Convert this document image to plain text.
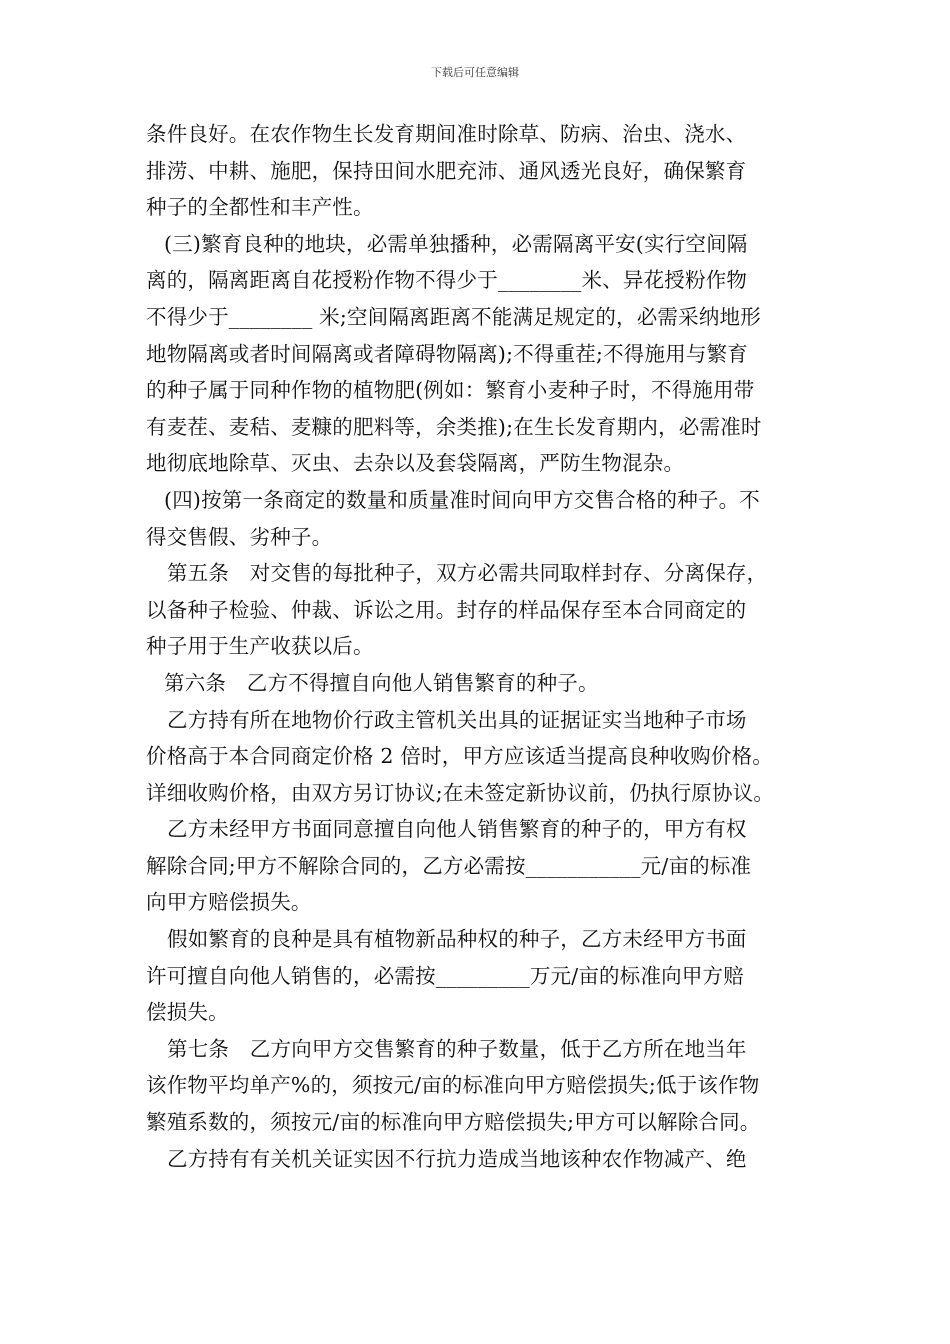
下载后可任意编辑
条件良好。在农作物生长发育期间准时除草、防病、治虫、浇水、
排涝、中耕、施肥，保持田间水肥充沛、通风透光良好，确保繁育
种子的全都性和丰产性。
(三)繁育良种的地块，必需单独播种，必需隔离平安(实行空间隔
离的，隔离距离自花授粉作物不得少于________米、异花授粉作物
不得少于________ 米;空间隔离距离不能满足规定的，必需采纳地形
地物隔离或者时间隔离或者障碍物隔离);不得重茬;不得施用与繁育
的种子属于同种作物的植物肥(例如：繁育小麦种子时，不得施用带
有麦茬、麦秸、麦糠的肥料等，余类推);在生长发育期内，必需准时
地彻底地除草、灭虫、去杂以及套袋隔离，严防生物混杂。
(四)按第一条商定的数量和质量准时间向甲方交售合格的种子。不
得交售假、劣种子。
第五条　对交售的每批种子，双方必需共同取样封存、分离保存，
以备种子检验、仲裁、诉讼之用。封存的样品保存至本合同商定的
种子用于生产收获以后。
第六条　乙方不得擅自向他人销售繁育的种子。
乙方持有所在地物价行政主管机关出具的证据证实当地种子市场
价格高于本合同商定价格 2 倍时，甲方应该适当提高良种收购价格。
详细收购价格，由双方另订协议;在未签定新协议前，仍执行原协议。
乙方未经甲方书面同意擅自向他人销售繁育的种子的，甲方有权
解除合同;甲方不解除合同的，乙方必需按___________元/亩的标准
向甲方赔偿损失。
假如繁育的良种是具有植物新品种权的种子，乙方未经甲方书面
许可擅自向他人销售的，必需按_________万元/亩的标准向甲方赔
偿损失。
第七条　乙方向甲方交售繁育的种子数量，低于乙方所在地当年
该作物平均单产%的，须按元/亩的标准向甲方赔偿损失;低于该作物
繁殖系数的，须按元/亩的标准向甲方赔偿损失;甲方可以解除合同。
乙方持有有关机关证实因不行抗力造成当地该种农作物减产、绝
